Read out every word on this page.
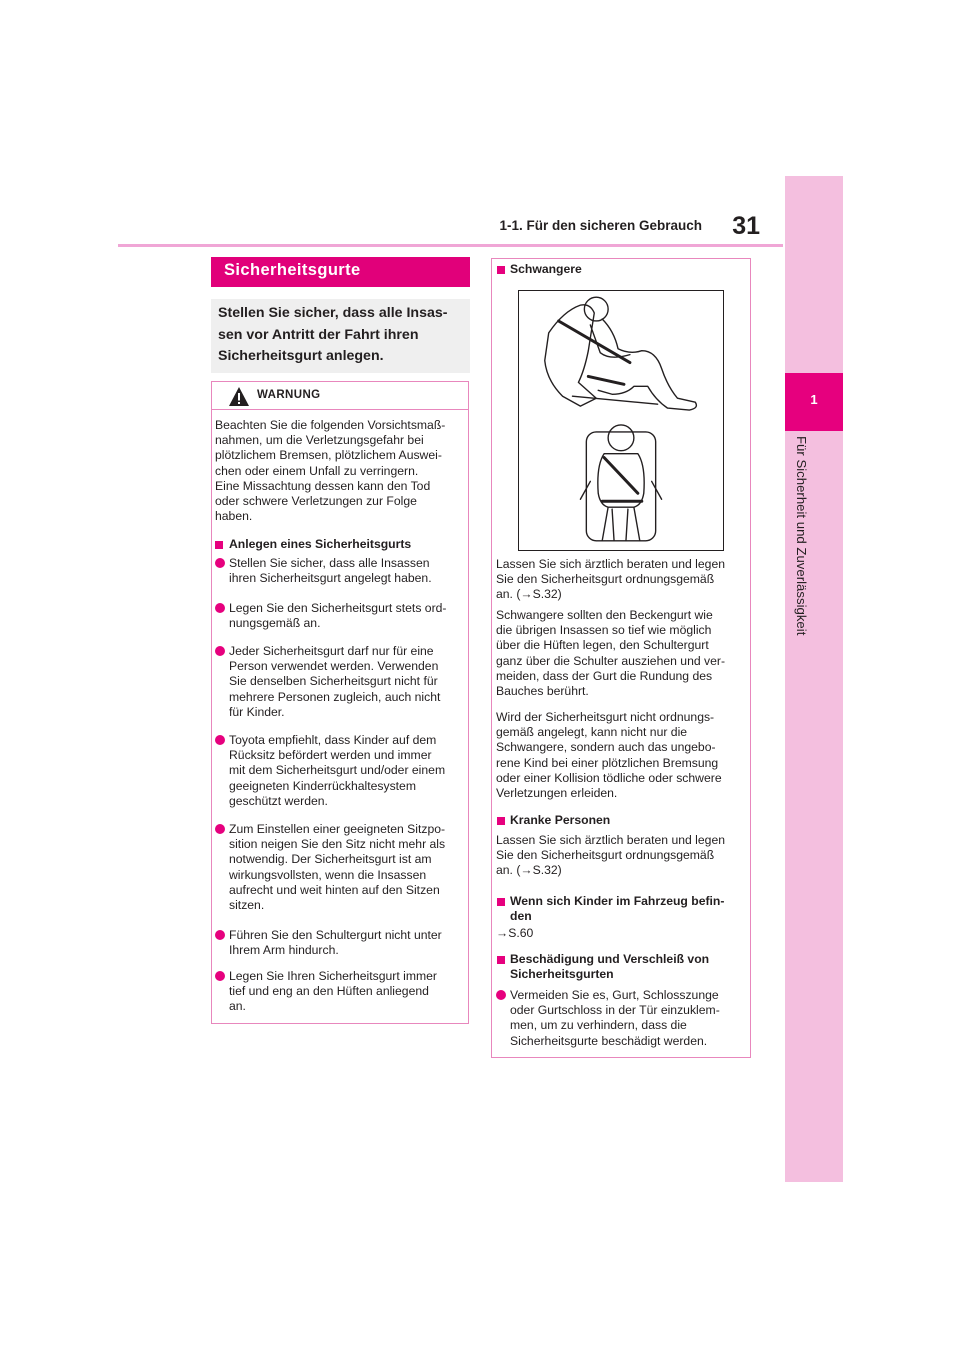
1-1. Für den sicheren Gebrauch	31
1
Für Sicherheit und Zuverlässigkeit
Sicherheitsgurte
Stellen Sie sicher, dass alle Insas-
sen vor Antritt der Fahrt ihren
Sicherheitsgurt anlegen.
WARNUNG
Beachten Sie die folgenden Vorsichtsmaß-
nahmen, um die Verletzungsgefahr bei
plötzlichem Bremsen, plötzlichem Auswei-
chen oder einem Unfall zu verringern.
Eine Missachtung dessen kann den Tod
oder schwere Verletzungen zur Folge
haben.
Anlegen eines Sicherheitsgurts
Stellen Sie sicher, dass alle Insassen
ihren Sicherheitsgurt angelegt haben.
Legen Sie den Sicherheitsgurt stets ord-
nungsgemäß an.
Jeder Sicherheitsgurt darf nur für eine
Person verwendet werden. Verwenden
Sie denselben Sicherheitsgurt nicht für
mehrere Personen zugleich, auch nicht
für Kinder.
Toyota empfiehlt, dass Kinder auf dem
Rücksitz befördert werden und immer
mit dem Sicherheitsgurt und/oder einem
geeigneten Kinderrückhaltesystem
geschützt werden.
Zum Einstellen einer geeigneten Sitzpo-
sition neigen Sie den Sitz nicht mehr als
notwendig. Der Sicherheitsgurt ist am
wirkungsvollsten, wenn die Insassen
aufrecht und weit hinten auf den Sitzen
sitzen.
Führen Sie den Schultergurt nicht unter
Ihrem Arm hindurch.
Legen Sie Ihren Sicherheitsgurt immer
tief und eng an den Hüften anliegend
an.
Schwangere
Lassen Sie sich ärztlich beraten und legen
Sie den Sicherheitsgurt ordnungsgemäß
an. (→S.32)
Schwangere sollten den Beckengurt wie
die übrigen Insassen so tief wie möglich
über die Hüften legen, den Schultergurt
ganz über die Schulter ausziehen und ver-
meiden, dass der Gurt die Rundung des
Bauches berührt.
Wird der Sicherheitsgurt nicht ordnungs-
gemäß angelegt, kann nicht nur die
Schwangere, sondern auch das ungebo-
rene Kind bei einer plötzlichen Bremsung
oder einer Kollision tödliche oder schwere
Verletzungen erleiden.
Kranke Personen
Lassen Sie sich ärztlich beraten und legen
Sie den Sicherheitsgurt ordnungsgemäß
an. (→S.32)
Wenn sich Kinder im Fahrzeug befin-
den
→S.60
Beschädigung und Verschleiß von
Sicherheitsgurten
Vermeiden Sie es, Gurt, Schlosszunge
oder Gurtschloss in der Tür einzuklem-
men, um zu verhindern, dass die
Sicherheitsgurte beschädigt werden.
